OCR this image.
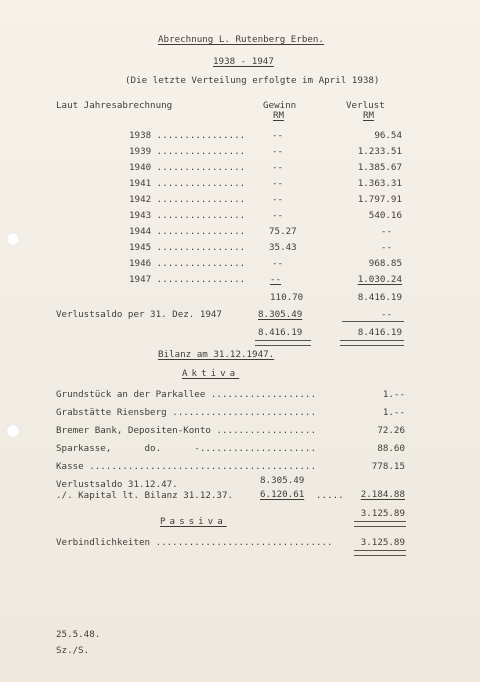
Abrechnung L. Rutenberg Erben.
1938 - 1947
(Die letzte Verteilung erfolgte im April 1938)
Laut Jahresabrechnung	Gewinn
RM
Verlust
RM
1938 ................	--	96.54
1939 ................	--	1.233.51
1940 ................	--	1.385.67
1941 ................	--	1.363.31
1942 ................	--	1.797.91
1943 ................	--	540.16
1944 ................	75.27	--
1945 ................	35.43	--
1946 ................	--	968.85
1947 ................	--	1.030.24
110.70	8.416.19
Verlustsaldo per 31. Dez. 1947	8.305.49	--
8.416.19	8.416.19
Bilanz am 31.12.1947.
Aktiva
Grundstück an der Parkallee ...................	1.--
Grabstätte Riensberg ..........................	1.--
Bremer Bank, Depositen-Konto ..................	72.26
Sparkasse,      do.      -.....................	88.60
Kasse .........................................	778.15
Verlustsaldo 31.12.47.	8.305.49
./. Kapital lt. Bilanz 31.12.37.	6.120.61 ..... 2.184.88
3.125.89
Passiva
Verbindlichkeiten ................................	3.125.89
25.5.48.
Sz./S.
